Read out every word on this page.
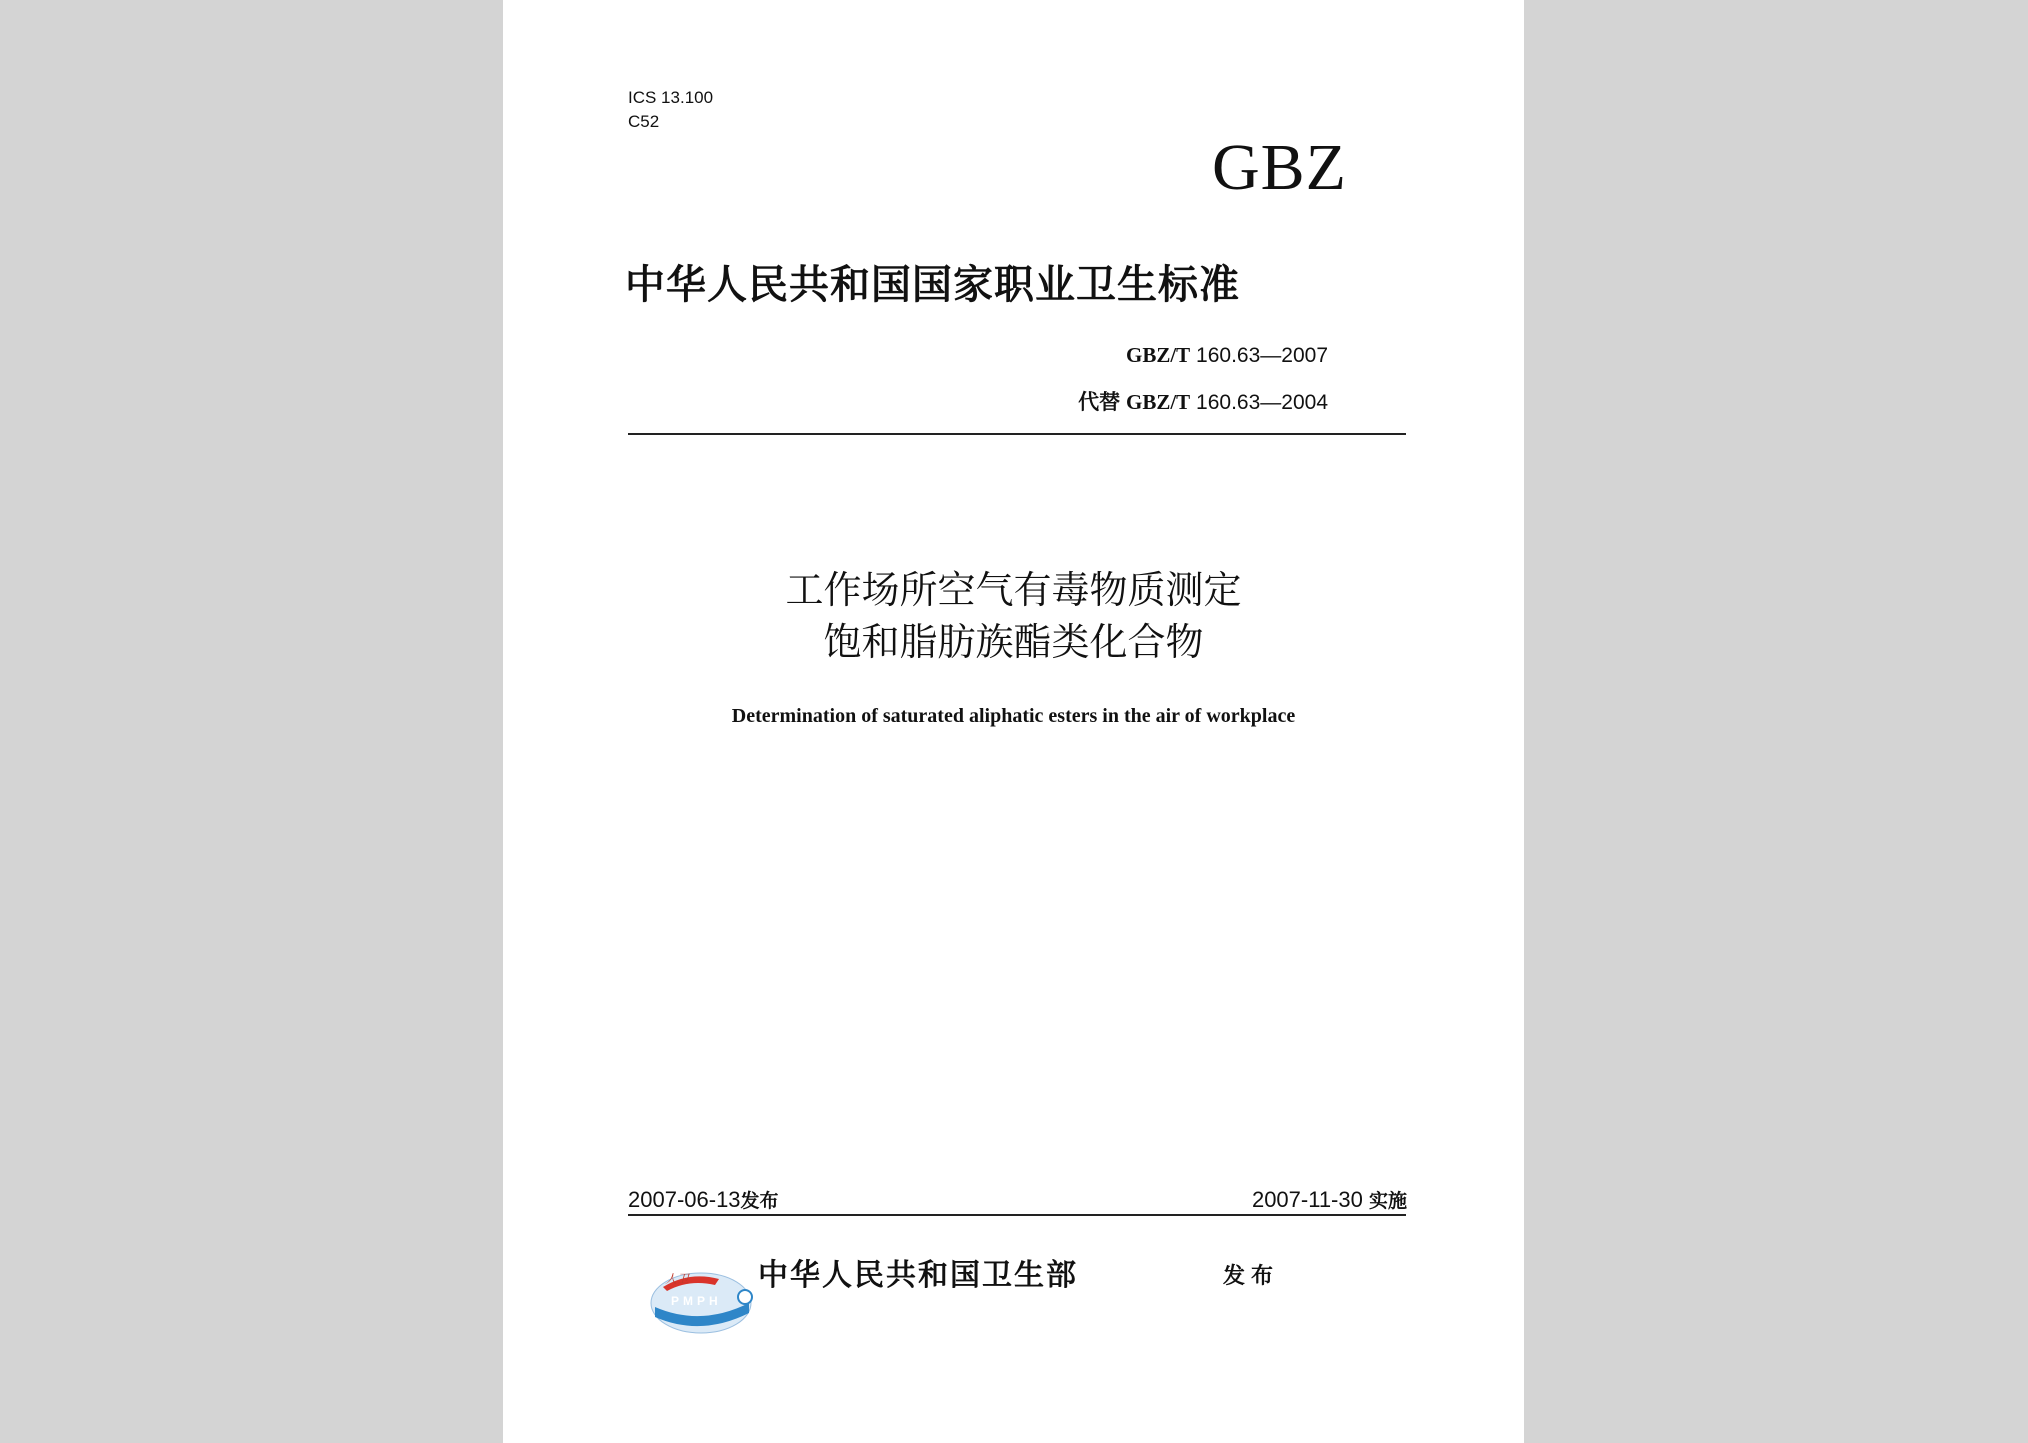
ICS 13.100
C52
GBZ
中华人民共和国国家职业卫生标准
GBZ/T 160.63—2007
代替 GBZ/T 160.63—2004
工作场所空气有毒物质测定
饱和脂肪族酯类化合物
Determination of saturated aliphatic esters in the air of workplace
2007-06-13发布	2007-11-30 实施
人卫
PMPH
中华人民共和国卫生部	发布
